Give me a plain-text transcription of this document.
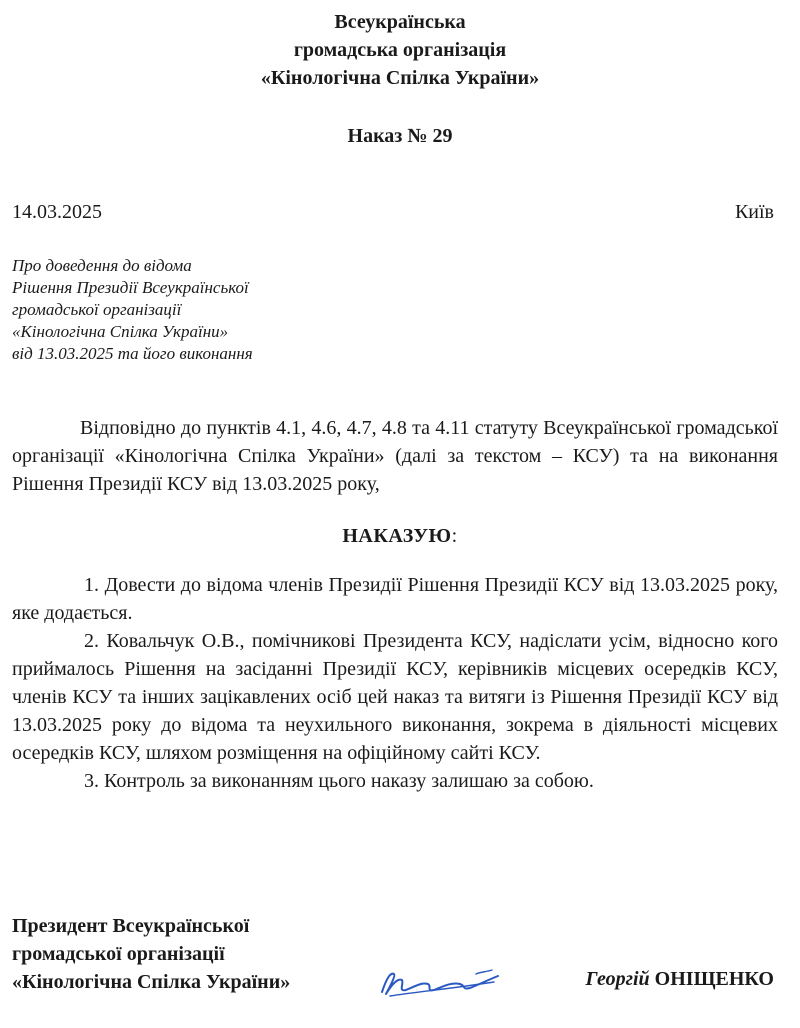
Всеукраїнська
громадська організація
«Кінологічна Спілка України»
Наказ № 29
14.03.2025	Київ
Про доведення до відома
Рішення Президії Всеукраїнської
громадської організації
«Кінологічна Спілка України»
від 13.03.2025 та його виконання

Відповідно до пунктів 4.1, 4.6, 4.7, 4.8 та 4.11 статуту Всеукраїнської громадської організації «Кінологічна Спілка України» (далі за текстом – КСУ) та на виконання Рішення Президії КСУ від 13.03.2025 року,

НАКАЗУЮ:

1. Довести до відома членів Президії Рішення Президії КСУ від 13.03.2025 року, яке додається.

2. Ковальчук О.В., помічникові Президента КСУ, надіслати усім, відносно кого приймалось Рішення на засіданні Президії КСУ, керівників місцевих осередків КСУ, членів КСУ та інших зацікавлених осіб цей наказ та витяги із Рішення Президії КСУ від 13.03.2025 року до відома та неухильного виконання, зокрема в діяльності місцевих осередків КСУ, шляхом розміщення на офіційному сайті КСУ.

3. Контроль за виконанням цього наказу залишаю за собою.

Президент Всеукраїнської
громадської організації
«Кінологічна Спілка України»	Георгій ОНІЩЕНКО
